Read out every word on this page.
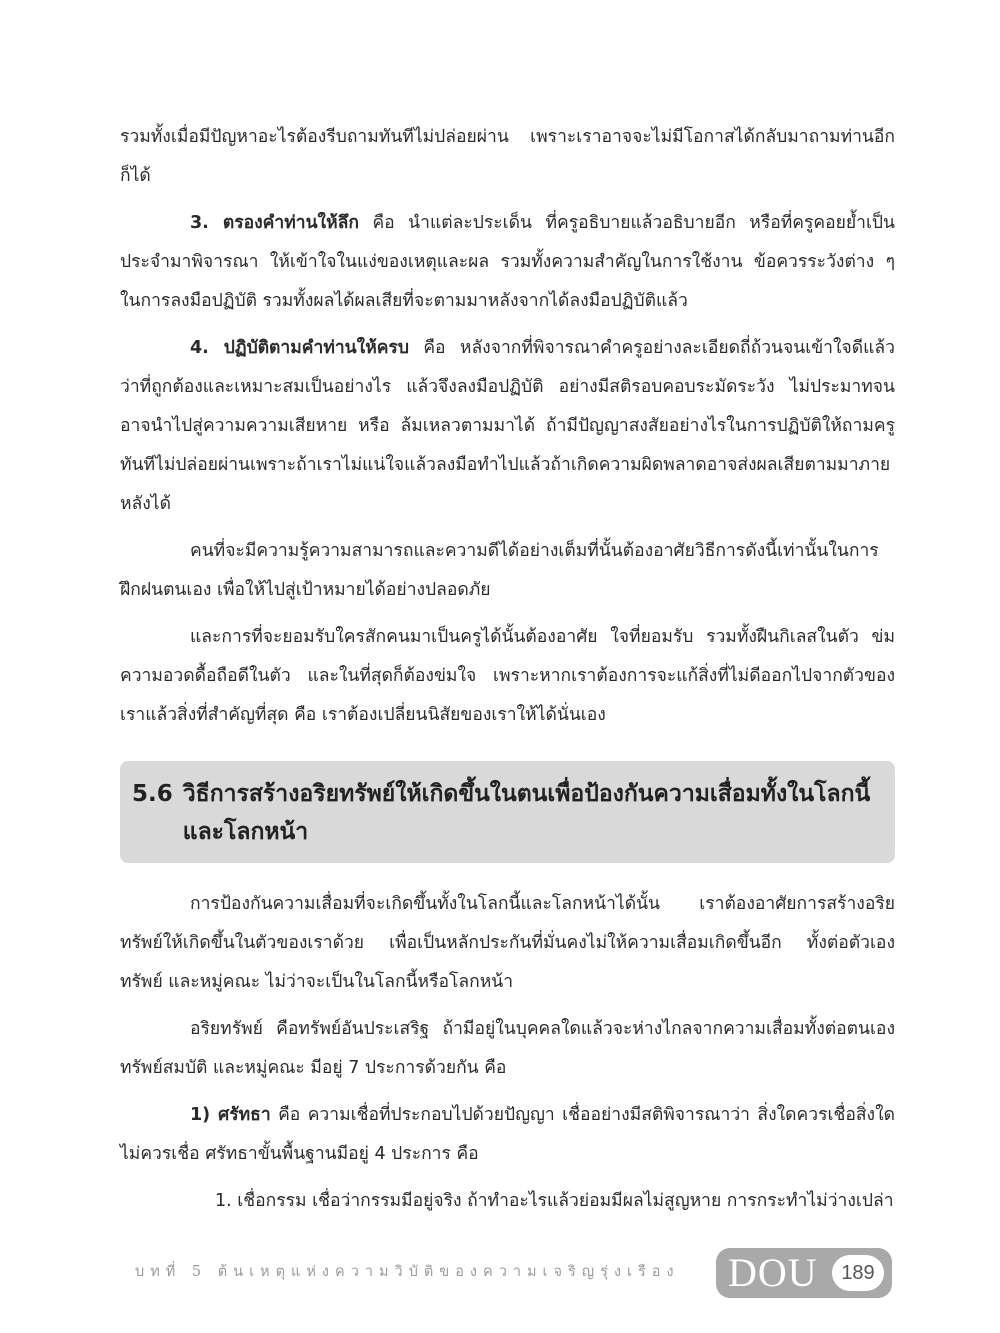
รวมทั้งเมื่อมีปัญหาอะไรต้องรีบถามทันทีไม่ปล่อยผ่าน เพราะเราอาจจะไม่มีโอกาสได้กลับมาถามท่านอีกก็ได้

3. ตรองคำท่านให้ลึก คือ นำแต่ละประเด็น ที่ครูอธิบายแล้วอธิบายอีก หรือที่ครูคอยย้ำเป็นประจำมาพิจารณา ให้เข้าใจในแง่ของเหตุและผล รวมทั้งความสำคัญในการใช้งาน ข้อควรระวังต่าง ๆ ในการลงมือปฏิบัติ รวมทั้งผลได้ผลเสียที่จะตามมาหลังจากได้ลงมือปฏิบัติแล้ว

4. ปฏิบัติตามคำท่านให้ครบ คือ หลังจากที่พิจารณาคำครูอย่างละเอียดถี่ถ้วนจนเข้าใจดีแล้ว ว่าที่ถูกต้องและเหมาะสมเป็นอย่างไร แล้วจึงลงมือปฏิบัติ อย่างมีสติรอบคอบระมัดระวัง ไม่ประมาทจนอาจนำไปสู่ความความเสียหาย หรือ ล้มเหลวตามมาได้ ถ้ามีปัญญาสงสัยอย่างไรในการปฏิบัติให้ถามครูทันทีไม่ปล่อยผ่านเพราะถ้าเราไม่แน่ใจแล้วลงมือทำไปแล้วถ้าเกิดความผิดพลาดอาจส่งผลเสียตามมาภายหลังได้

คนที่จะมีความรู้ความสามารถและความดีได้อย่างเต็มที่นั้นต้องอาศัยวิธีการดังนี้เท่านั้นในการฝึกฝนตนเอง เพื่อให้ไปสู่เป้าหมายได้อย่างปลอดภัย

และการที่จะยอมรับใครสักคนมาเป็นครูได้นั้นต้องอาศัย ใจที่ยอมรับ รวมทั้งฝืนกิเลสในตัว ข่มความอวดดื้อถือดีในตัว และในที่สุดก็ต้องข่มใจ เพราะหากเราต้องการจะแก้สิ่งที่ไม่ดีออกไปจากตัวของเราแล้วสิ่งที่สำคัญที่สุด คือ เราต้องเปลี่ยนนิสัยของเราให้ได้นั่นเอง

5.6 วิธีการสร้างอริยทรัพย์ให้เกิดขึ้นในตนเพื่อป้องกันความเสื่อมทั้งในโลกนี้และโลกหน้า

การป้องกันความเสื่อมที่จะเกิดขึ้นทั้งในโลกนี้และโลกหน้าได้นั้น เราต้องอาศัยการสร้างอริยทรัพย์ให้เกิดขึ้นในตัวของเราด้วย เพื่อเป็นหลักประกันที่มั่นคงไม่ให้ความเสื่อมเกิดขึ้นอีก ทั้งต่อตัวเอง ทรัพย์ และหมู่คณะ ไม่ว่าจะเป็นในโลกนี้หรือโลกหน้า

อริยทรัพย์ คือทรัพย์อันประเสริฐ ถ้ามีอยู่ในบุคคลใดแล้วจะห่างไกลจากความเสื่อมทั้งต่อตนเอง ทรัพย์สมบัติ และหมู่คณะ มีอยู่ 7 ประการด้วยกัน คือ

1) ศรัทธา คือ ความเชื่อที่ประกอบไปด้วยปัญญา เชื่ออย่างมีสติพิจารณาว่า สิ่งใดควรเชื่อสิ่งใดไม่ควรเชื่อ ศรัทธาขั้นพื้นฐานมีอยู่ 4 ประการ คือ

1. เชื่อกรรม เชื่อว่ากรรมมีอยู่จริง ถ้าทำอะไรแล้วย่อมมีผลไม่สูญหาย การกระทำไม่ว่างเปล่า

บทที่ 5 ต้นเหตุแห่งความวิบัติของความเจริญรุ่งเรือง	DOU	189
